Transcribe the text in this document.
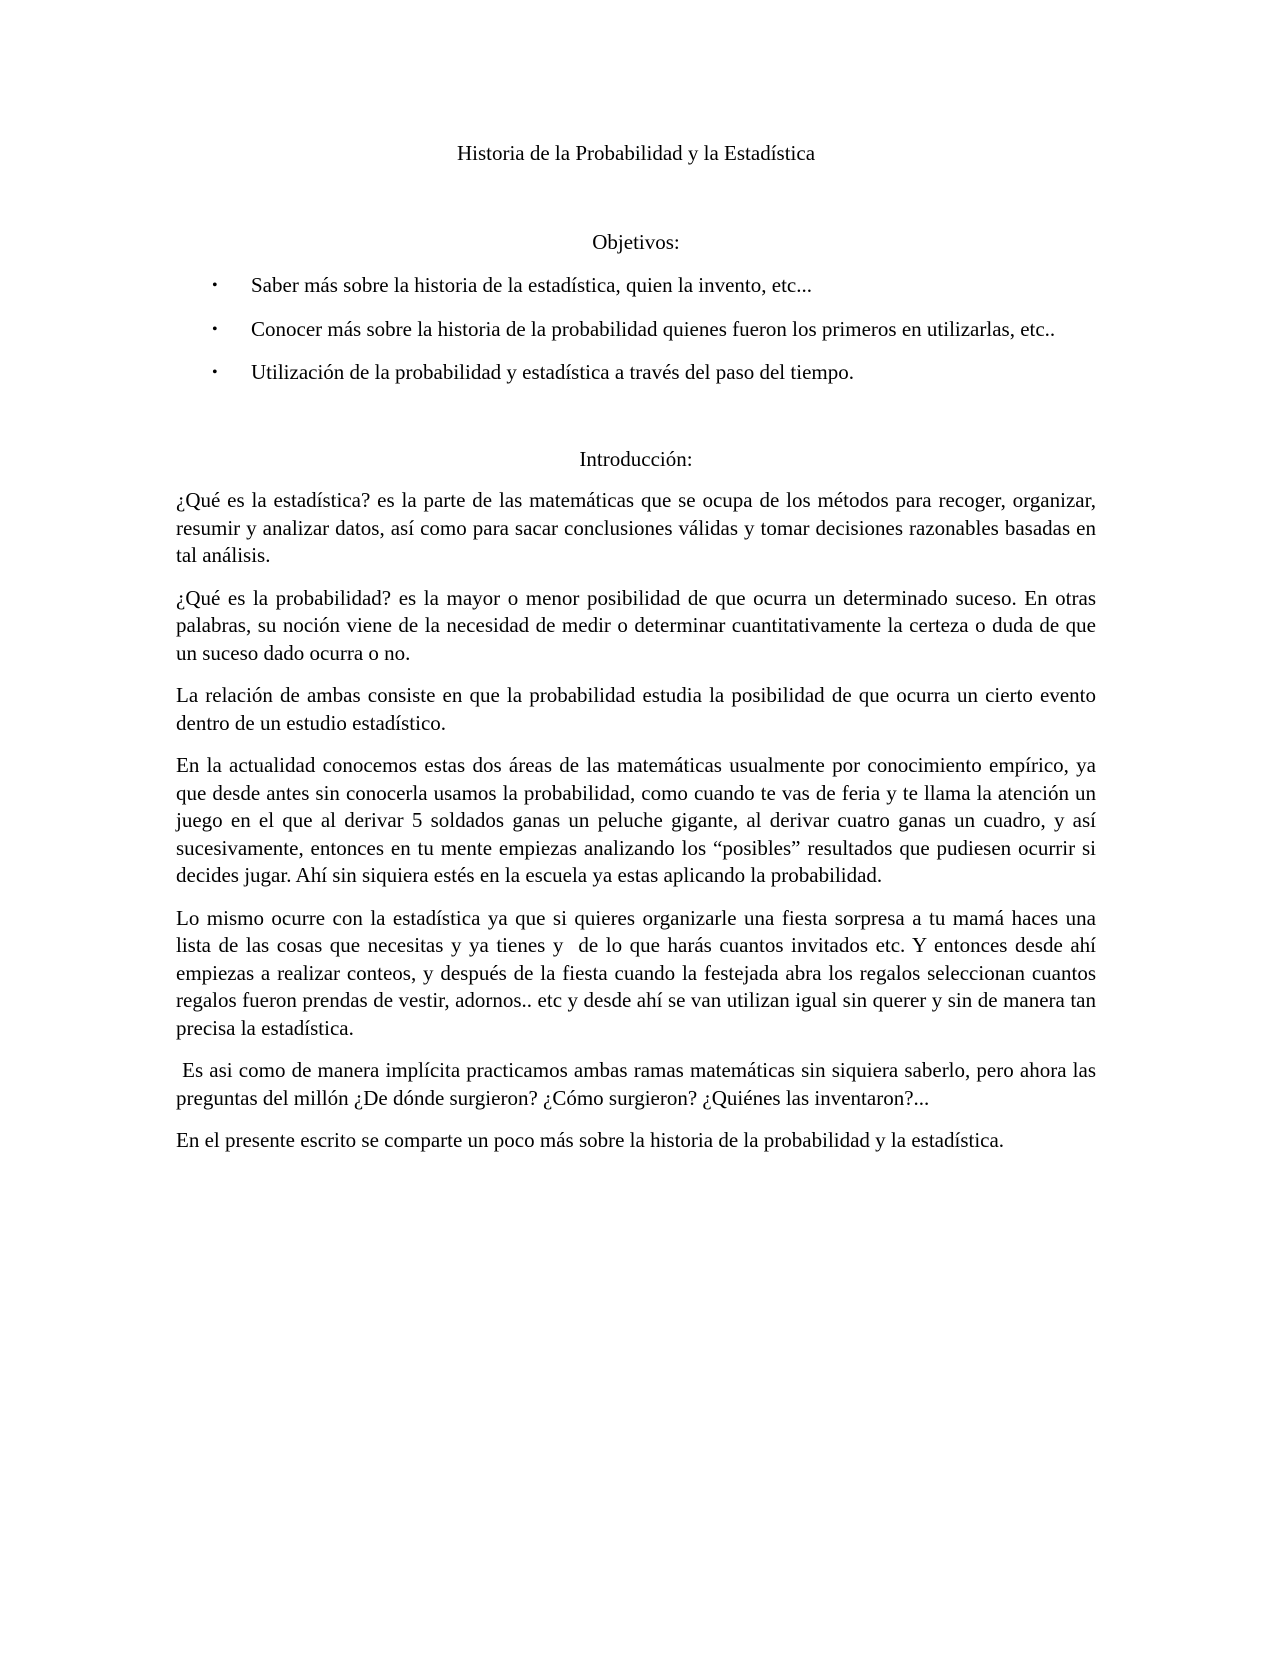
Historia de la Probabilidad y la Estadística

Objetivos:

• Saber más sobre la historia de la estadística, quien la invento, etc...
• Conocer más sobre la historia de la probabilidad quienes fueron los primeros en utilizarlas, etc..
• Utilización de la probabilidad y estadística a través del paso del tiempo.

Introducción:

¿Qué es la estadística? es la parte de las matemáticas que se ocupa de los métodos para recoger, organizar, resumir y analizar datos, así como para sacar conclusiones válidas y tomar decisiones razonables basadas en tal análisis.

¿Qué es la probabilidad? es la mayor o menor posibilidad de que ocurra un determinado suceso. En otras palabras, su noción viene de la necesidad de medir o determinar cuantitativamente la certeza o duda de que un suceso dado ocurra o no.

La relación de ambas consiste en que la probabilidad estudia la posibilidad de que ocurra un cierto evento dentro de un estudio estadístico.

En la actualidad conocemos estas dos áreas de las matemáticas usualmente por conocimiento empírico, ya que desde antes sin conocerla usamos la probabilidad, como cuando te vas de feria y te llama la atención un juego en el que al derivar 5 soldados ganas un peluche gigante, al derivar cuatro ganas un cuadro, y así sucesivamente, entonces en tu mente empiezas analizando los “posibles” resultados que pudiesen ocurrir si decides jugar. Ahí sin siquiera estés en la escuela ya estas aplicando la probabilidad.

Lo mismo ocurre con la estadística ya que si quieres organizarle una fiesta sorpresa a tu mamá haces una lista de las cosas que necesitas y ya tienes y  de lo que harás cuantos invitados etc. Y entonces desde ahí empiezas a realizar conteos, y después de la fiesta cuando la festejada abra los regalos seleccionan cuantos regalos fueron prendas de vestir, adornos.. etc y desde ahí se van utilizan igual sin querer y sin de manera tan precisa la estadística.

Es asi como de manera implícita practicamos ambas ramas matemáticas sin siquiera saberlo, pero ahora las preguntas del millón ¿De dónde surgieron? ¿Cómo surgieron? ¿Quiénes las inventaron?...

En el presente escrito se comparte un poco más sobre la historia de la probabilidad y la estadística.
